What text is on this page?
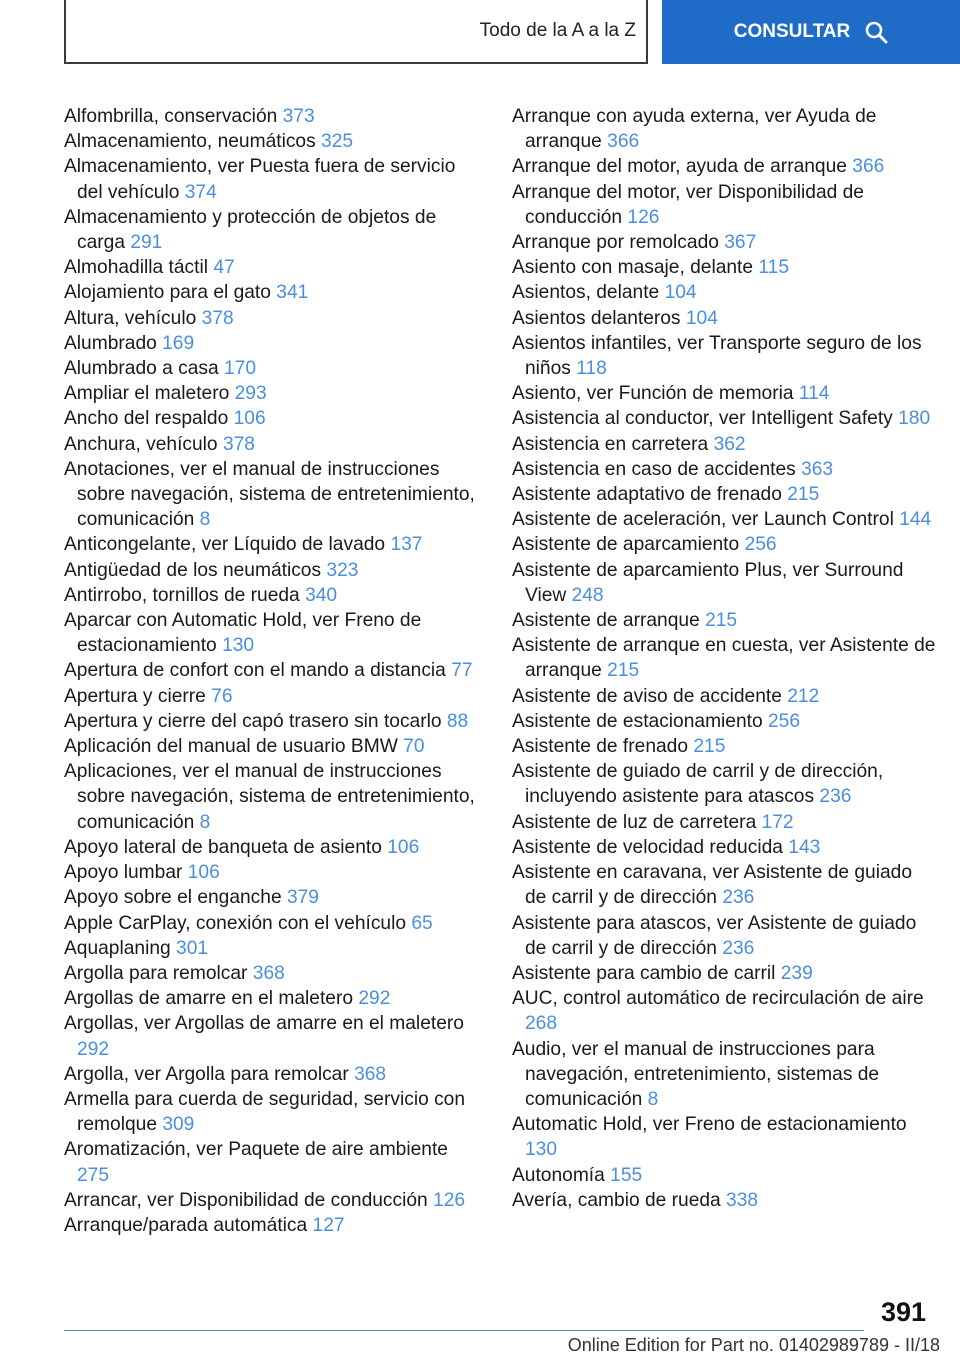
Todo de la A a la Z	CONSULTAR
Alfombrilla, conservación 373
Almacenamiento, neumáticos 325
Almacenamiento, ver Puesta fuera de servicio del vehículo 374
Almacenamiento y protección de objetos de carga 291
Almohadilla táctil 47
Alojamiento para el gato 341
Altura, vehículo 378
Alumbrado 169
Alumbrado a casa 170
Ampliar el maletero 293
Ancho del respaldo 106
Anchura, vehículo 378
Anotaciones, ver el manual de instrucciones sobre navegación, sistema de entretenimiento, comunicación 8
Anticongelante, ver Líquido de lavado 137
Antigüedad de los neumáticos 323
Antirrobo, tornillos de rueda 340
Aparcar con Automatic Hold, ver Freno de estacionamiento 130
Apertura de confort con el mando a distancia 77
Apertura y cierre 76
Apertura y cierre del capó trasero sin tocarlo 88
Aplicación del manual de usuario BMW 70
Aplicaciones, ver el manual de instrucciones sobre navegación, sistema de entretenimiento, comunicación 8
Apoyo lateral de banqueta de asiento 106
Apoyo lumbar 106
Apoyo sobre el enganche 379
Apple CarPlay, conexión con el vehículo 65
Aquaplaning 301
Argolla para remolcar 368
Argollas de amarre en el maletero 292
Argollas, ver Argollas de amarre en el maletero 292
Argolla, ver Argolla para remolcar 368
Armella para cuerda de seguridad, servicio con remolque 309
Aromatización, ver Paquete de aire ambiente 275
Arrancar, ver Disponibilidad de conducción 126
Arranque/parada automática 127
Arranque con ayuda externa, ver Ayuda de arranque 366
Arranque del motor, ayuda de arranque 366
Arranque del motor, ver Disponibilidad de conducción 126
Arranque por remolcado 367
Asiento con masaje, delante 115
Asientos, delante 104
Asientos delanteros 104
Asientos infantiles, ver Transporte seguro de los niños 118
Asiento, ver Función de memoria 114
Asistencia al conductor, ver Intelligent Safety 180
Asistencia en carretera 362
Asistencia en caso de accidentes 363
Asistente adaptativo de frenado 215
Asistente de aceleración, ver Launch Control 144
Asistente de aparcamiento 256
Asistente de aparcamiento Plus, ver Surround View 248
Asistente de arranque 215
Asistente de arranque en cuesta, ver Asistente de arranque 215
Asistente de aviso de accidente 212
Asistente de estacionamiento 256
Asistente de frenado 215
Asistente de guiado de carril y de dirección, incluyendo asistente para atascos 236
Asistente de luz de carretera 172
Asistente de velocidad reducida 143
Asistente en caravana, ver Asistente de guiado de carril y de dirección 236
Asistente para atascos, ver Asistente de guiado de carril y de dirección 236
Asistente para cambio de carril 239
AUC, control automático de recirculación de aire 268
Audio, ver el manual de instrucciones para navegación, entretenimiento, sistemas de comunicación 8
Automatic Hold, ver Freno de estacionamiento 130
Autonomía 155
Avería, cambio de rueda 338
391
Online Edition for Part no. 01402989789 - II/18
